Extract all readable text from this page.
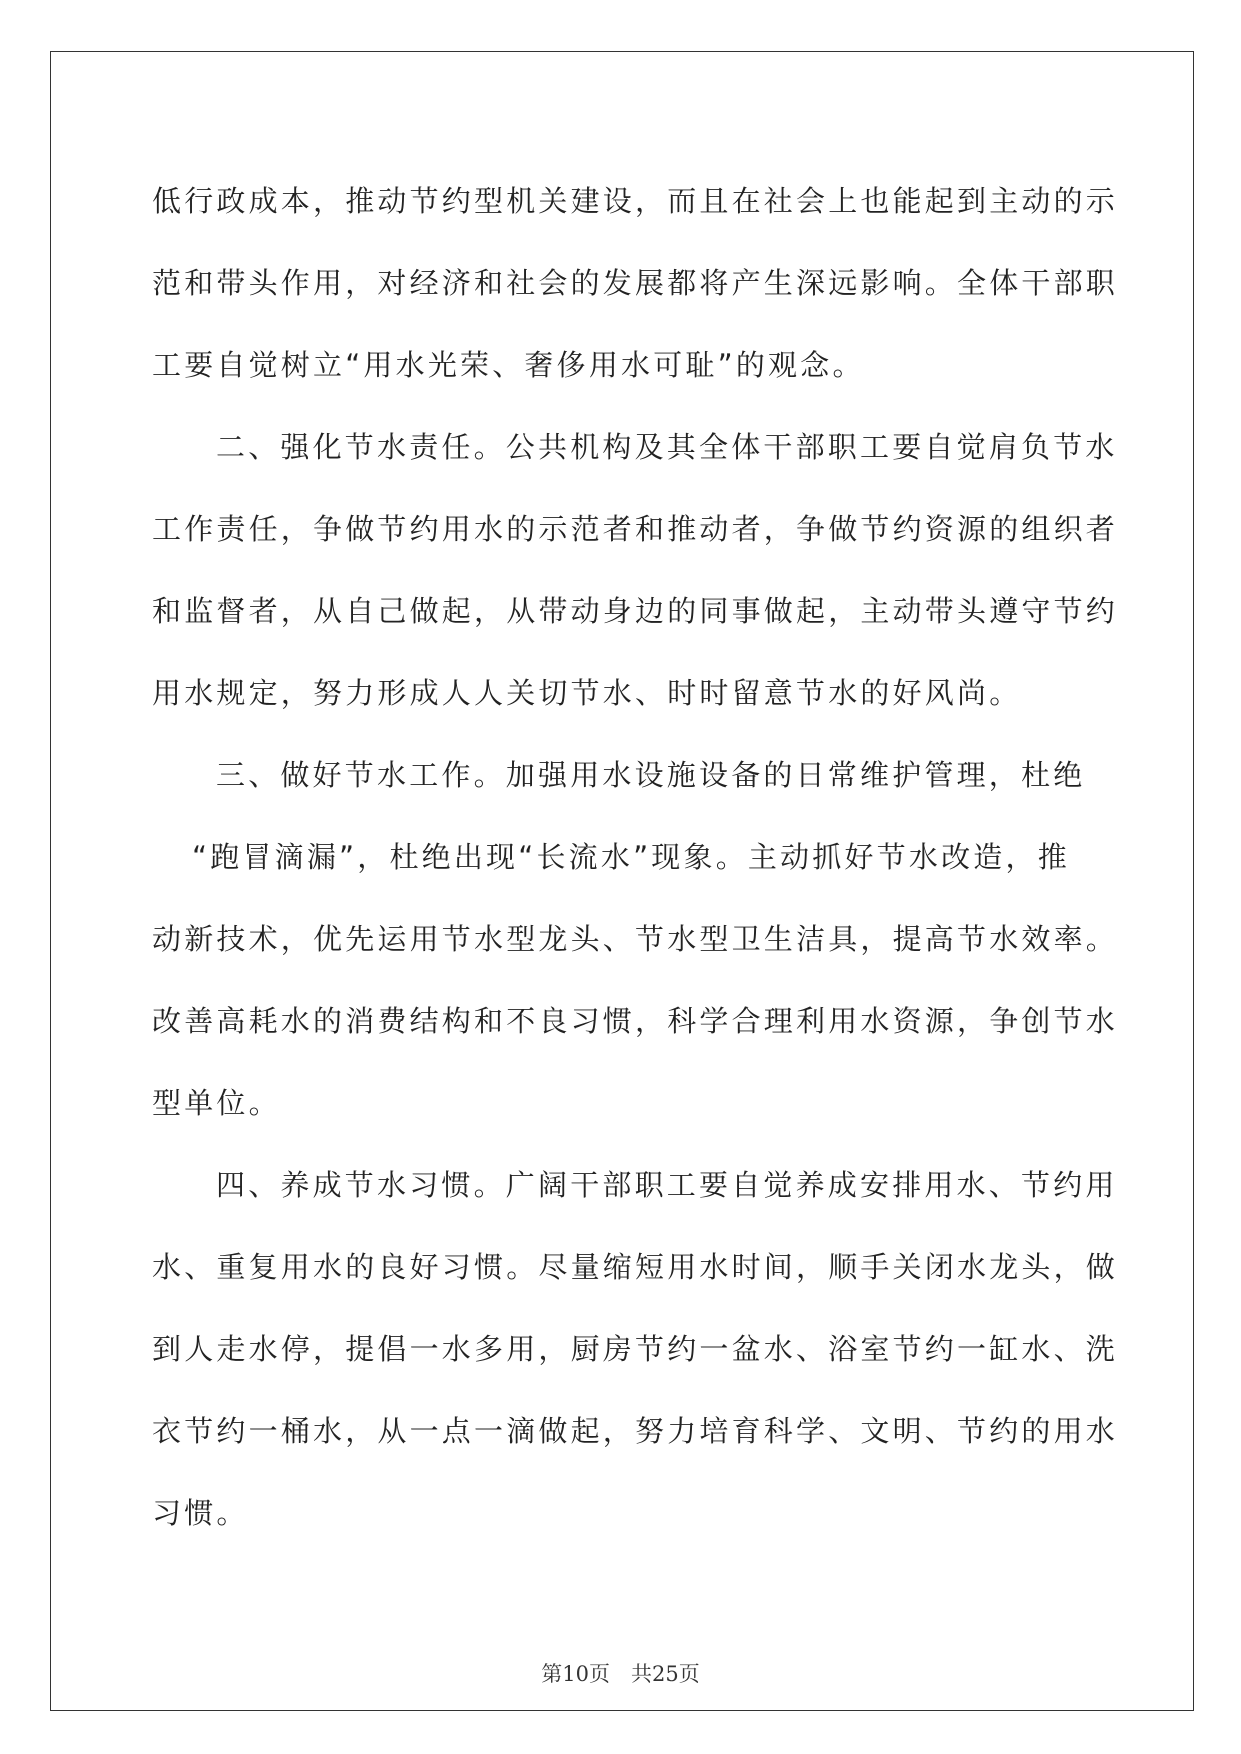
低行政成本，推动节约型机关建设，而且在社会上也能起到主动的示
范和带头作用，对经济和社会的发展都将产生深远影响。全体干部职
工要自觉树立“用水光荣、奢侈用水可耻”的观念。
二、强化节水责任。公共机构及其全体干部职工要自觉肩负节水
工作责任，争做节约用水的示范者和推动者，争做节约资源的组织者
和监督者，从自己做起，从带动身边的同事做起，主动带头遵守节约
用水规定，努力形成人人关切节水、时时留意节水的好风尚。
三、做好节水工作。加强用水设施设备的日常维护管理，杜绝
“跑冒滴漏”，杜绝出现“长流水”现象。主动抓好节水改造，推
动新技术，优先运用节水型龙头、节水型卫生洁具，提高节水效率。
改善高耗水的消费结构和不良习惯，科学合理利用水资源，争创节水
型单位。
四、养成节水习惯。广阔干部职工要自觉养成安排用水、节约用
水、重复用水的良好习惯。尽量缩短用水时间，顺手关闭水龙头，做
到人走水停，提倡一水多用，厨房节约一盆水、浴室节约一缸水、洗
衣节约一桶水，从一点一滴做起，努力培育科学、文明、节约的用水
习惯。
第10页　共25页
